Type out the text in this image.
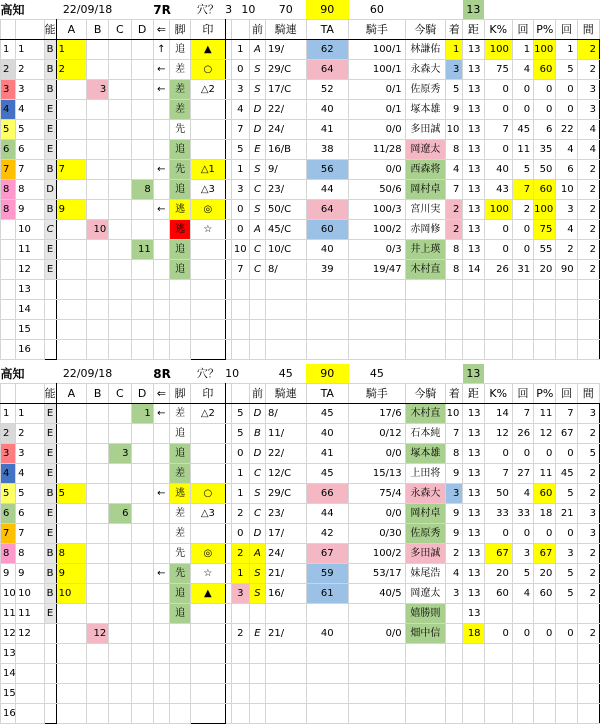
高知		22/09/18					7R		穴？	3	10		70	90	60			13					
		能	A	B	C	D	⇐	脚	印			前	騎連	TA	騎手	今騎	着	距	K%	回	P%	回	間
1	1	B	1				↑	追	▲		1	A	19/	62	100/1	林謙佑	1	13	100	1	100	1	2
2	2	B	2				←	差	○		0	S	29/C	64	100/1	永森大	3	13	75	4	60	5	2
3	3	B		3			←	差	△2		3	S	17/C	52	0/1	佐原秀	5	13	0	0	0	0	3
4	4	E						差			4	D	22/	40	0/1	塚本雄	9	13	0	0	0	0	3
5	5	E						先			7	D	24/	41	0/0	多田誠	10	13	7	45	6	22	4
6	6	E						追			5	E	16/B	38	11/28	岡遼太	8	13	0	11	35	4	4
7	7	B	7				←	先	△1		1	S	9/	56	0/0	西森将	4	13	40	5	50	6	2
8	8	D				8		追	△3		3	C	23/	44	50/6	岡村卓	7	13	43	7	60	10	2
8	9	B	9				←	逃	◎		0	S	50/C	64	100/3	宮川実	2	13	100	2	100	3	2
	10	C		10				逃	☆		0	A	45/C	60	100/2	赤岡修	2	13	0	0	75	4	2
	11	E				11		追			10	C	10/C	40	0/3	井上瑛	8	13	0	0	55	2	2
	12	E						追			7	C	8/	39	19/47	木村直	8	14	26	31	20	90	2
	13																						
	14																						
	15																						
	16																						
高知		22/09/18					8R		穴？	10			45	90	45			13					
		能	A	B	C	D	⇐	脚	印			前	騎連	TA	騎手	今騎	着	距	K%	回	P%	回	間
1	1	E				1	←	差	△2		5	D	8/	45	17/6	木村直	10	13	14	7	11	7	3
2	2	E						追			5	B	11/	40	0/12	石本純	7	13	12	26	12	67	2
3	3	E			3			追			0	D	22/	41	0/0	塚本雄	8	13	0	0	0	0	5
4	4	E						差			1	C	12/C	45	15/13	上田将	9	13	7	27	11	45	2
5	5	B	5				←	逃	○		1	S	29/C	66	75/4	永森大	3	13	50	4	60	5	2
6	6	E			6			差	△3		2	C	23/	44	0/0	岡村卓	9	13	33	33	18	21	3
7	7	E						差			0	D	17/	42	0/30	佐原秀	9	13	0	0	0	0	3
8	8	B	8					先	◎		2	A	24/	67	100/2	多田誠	2	13	67	3	67	3	2
9	9	B	9				←	先	☆		1	S	21/	59	53/17	妹尾浩	4	13	20	5	20	5	2
10	10	B	10					追	▲		3	S	16/	61	40/5	岡遼太	3	13	60	4	60	5	2
11	11	E						追								嬉勝則		13					
12	12			12							2	E	21/	40	0/0	畑中信		18	0	0	0	0	2
13																							
14																							
15																							
16																							
